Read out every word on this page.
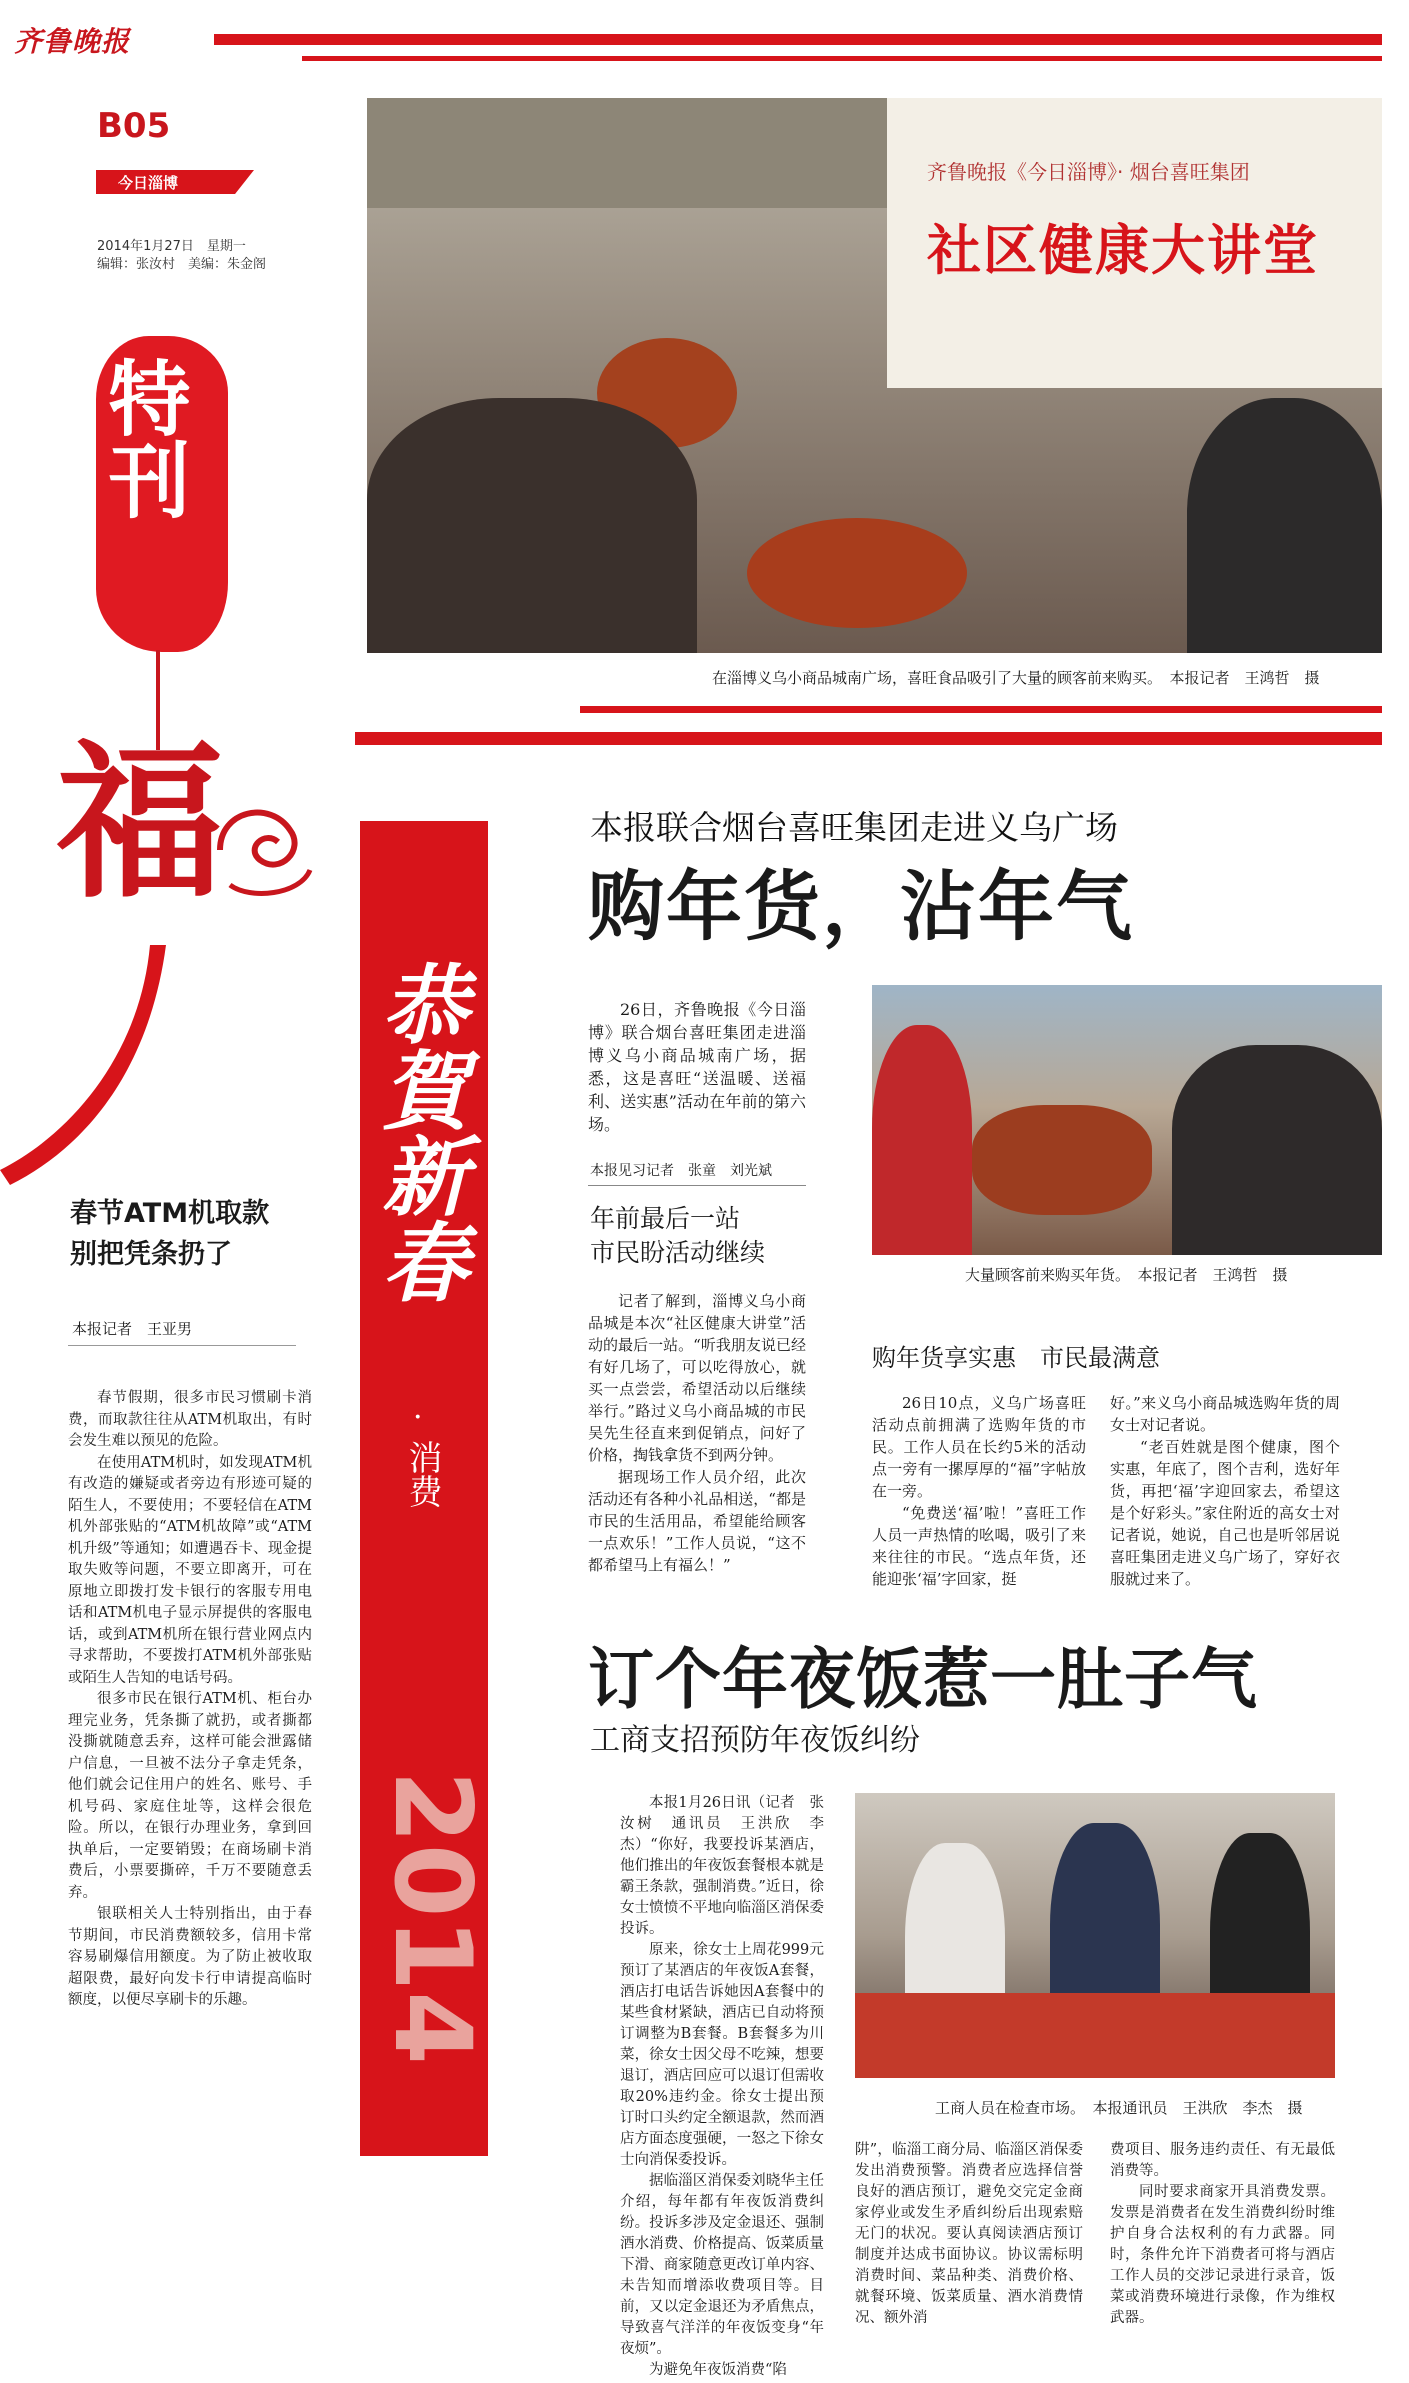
齐鲁晚报
B05
今日淄博
2014年1月27日　星期一
编辑：张汝村　美编：朱金阁
特刊
福
春节ATM机取款
别把凭条扔了
本报记者　王亚男

春节假期，很多市民习惯刷卡消费，而取款往往从ATM机取出，有时会发生难以预见的危险。

在使用ATM机时，如发现ATM机有改造的嫌疑或者旁边有形迹可疑的陌生人，不要使用；不要轻信在ATM机外部张贴的“ATM机故障”或“ATM机升级”等通知；如遭遇吞卡、现金提取失败等问题，不要立即离开，可在原地立即拨打发卡银行的客服专用电话和ATM机电子显示屏提供的客服电话，或到ATM机所在银行营业网点内寻求帮助，不要拨打ATM机外部张贴或陌生人告知的电话号码。

很多市民在银行ATM机、柜台办理完业务，凭条撕了就扔，或者撕都没撕就随意丢弃，这样可能会泄露储户信息，一旦被不法分子拿走凭条，他们就会记住用户的姓名、账号、手机号码、家庭住址等，这样会很危险。所以，在银行办理业务，拿到回执单后，一定要销毁；在商场刷卡消费后，小票要撕碎，千万不要随意丢弃。

银联相关人士特别指出，由于春节期间，市民消费额较多，信用卡常容易刷爆信用额度。为了防止被收取超限费，最好向发卡行申请提高临时额度，以便尽享刷卡的乐趣。

齐鲁晚报《今日淄博》· 烟台喜旺集团
社区健康大讲堂
在淄博义乌小商品城南广场，喜旺食品吸引了大量的顾客前来购买。　本报记者　王鸿哲　摄
恭賀新春
·
消费
2014
本报联合烟台喜旺集团走进义乌广场
购年货，沾年气

26日，齐鲁晚报《今日淄博》联合烟台喜旺集团走进淄博义乌小商品城南广场，据悉，这是喜旺“送温暖、送福利、送实惠”活动在年前的第六场。

本报见习记者　张童　刘光斌
年前最后一站
市民盼活动继续

记者了解到，淄博义乌小商品城是本次“社区健康大讲堂”活动的最后一站。“听我朋友说已经有好几场了，可以吃得放心，就买一点尝尝，希望活动以后继续举行。”路过义乌小商品城的市民吴先生径直来到促销点，问好了价格，掏钱拿货不到两分钟。

据现场工作人员介绍，此次活动还有各种小礼品相送，“都是市民的生活用品，希望能给顾客一点欢乐！”工作人员说，“这不都希望马上有福么！”

大量顾客前来购买年货。　本报记者　王鸿哲　摄
购年货享实惠　市民最满意

26日10点，义乌广场喜旺活动点前拥满了选购年货的市民。工作人员在长约5米的活动点一旁有一摞厚厚的“福”字帖放在一旁。

“免费送‘福’啦！”喜旺工作人员一声热情的吆喝，吸引了来来往往的市民。“选点年货，还能迎张‘福’字回家，挺

好。”来义乌小商品城选购年货的周女士对记者说。

“老百姓就是图个健康，图个实惠，年底了，图个吉利，选好年货，再把‘福’字迎回家去，希望这是个好彩头。”家住附近的高女士对记者说，她说，自己也是听邻居说喜旺集团走进义乌广场了，穿好衣服就过来了。

订个年夜饭惹一肚子气
工商支招预防年夜饭纠纷

本报1月26日讯（记者　张汝树　通讯员　王洪欣　李杰）“你好，我要投诉某酒店，他们推出的年夜饭套餐根本就是霸王条款，强制消费。”近日，徐女士愤愤不平地向临淄区消保委投诉。

原来，徐女士上周花999元预订了某酒店的年夜饭A套餐，酒店打电话告诉她因A套餐中的某些食材紧缺，酒店已自动将预订调整为B套餐。B套餐多为川菜，徐女士因父母不吃辣，想要退订，酒店回应可以退订但需收取20%违约金。徐女士提出预订时口头约定全额退款，然而酒店方面态度强硬，一怒之下徐女士向消保委投诉。

据临淄区消保委刘晓华主任介绍，每年都有年夜饭消费纠纷。投诉多涉及定金退还、强制酒水消费、价格提高、饭菜质量下滑、商家随意更改订单内容、未告知而增添收费项目等。目前，又以定金退还为矛盾焦点，导致喜气洋洋的年夜饭变身“年夜烦”。

为避免年夜饭消费“陷

工商人员在检查市场。　本报通讯员　王洪欣　李杰　摄

阱”，临淄工商分局、临淄区消保委发出消费预警。消费者应选择信誉良好的酒店预订，避免交完定金商家停业或发生矛盾纠纷后出现索赔无门的状况。要认真阅读酒店预订制度并达成书面协议。协议需标明消费时间、菜品种类、消费价格、就餐环境、饭菜质量、酒水消费情况、额外消

费项目、服务违约责任、有无最低消费等。

同时要求商家开具消费发票。发票是消费者在发生消费纠纷时维护自身合法权利的有力武器。同时，条件允许下消费者可将与酒店工作人员的交涉记录进行录音，饭菜或消费环境进行录像，作为维权武器。
